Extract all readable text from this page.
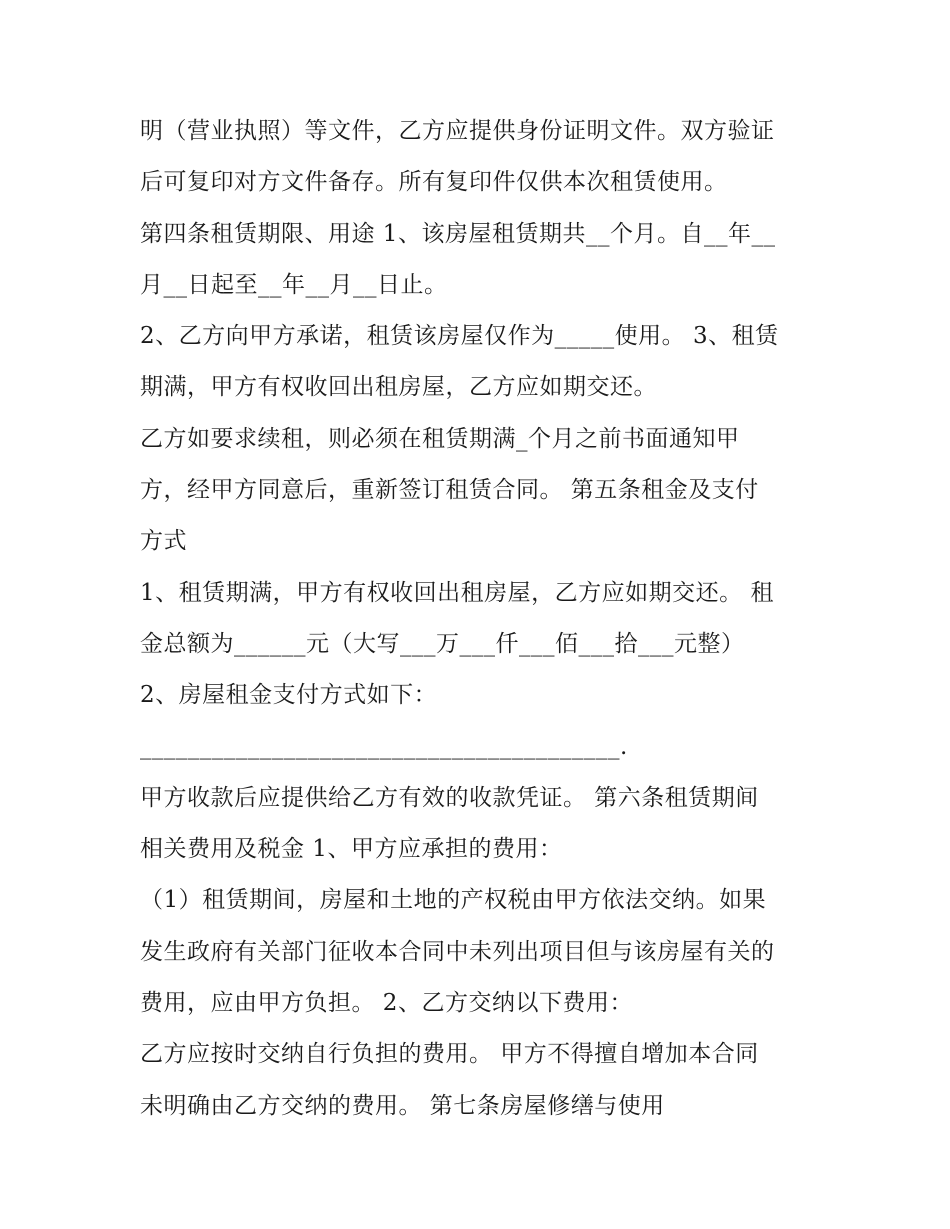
明（营业执照）等文件，乙方应提供身份证明文件。双方验证
后可复印对方文件备存。所有复印件仅供本次租赁使用。
第四条租赁期限、用途 1、该房屋租赁期共__个月。自__年__
月__日起至__年__月__日止。
2、乙方向甲方承诺，租赁该房屋仅作为_____使用。 3、租赁
期满，甲方有权收回出租房屋，乙方应如期交还。
乙方如要求续租，则必须在租赁期满_个月之前书面通知甲
方，经甲方同意后，重新签订租赁合同。 第五条租金及支付
方式
1、租赁期满，甲方有权收回出租房屋，乙方应如期交还。 租
金总额为______元（大写___万___仟___佰___拾___元整）
2、房屋租金支付方式如下：
________________________________________.
甲方收款后应提供给乙方有效的收款凭证。 第六条租赁期间
相关费用及税金 1、甲方应承担的费用：
（1）租赁期间，房屋和土地的产权税由甲方依法交纳。如果
发生政府有关部门征收本合同中未列出项目但与该房屋有关的
费用，应由甲方负担。 2、乙方交纳以下费用：
乙方应按时交纳自行负担的费用。 甲方不得擅自增加本合同
未明确由乙方交纳的费用。 第七条房屋修缮与使用
